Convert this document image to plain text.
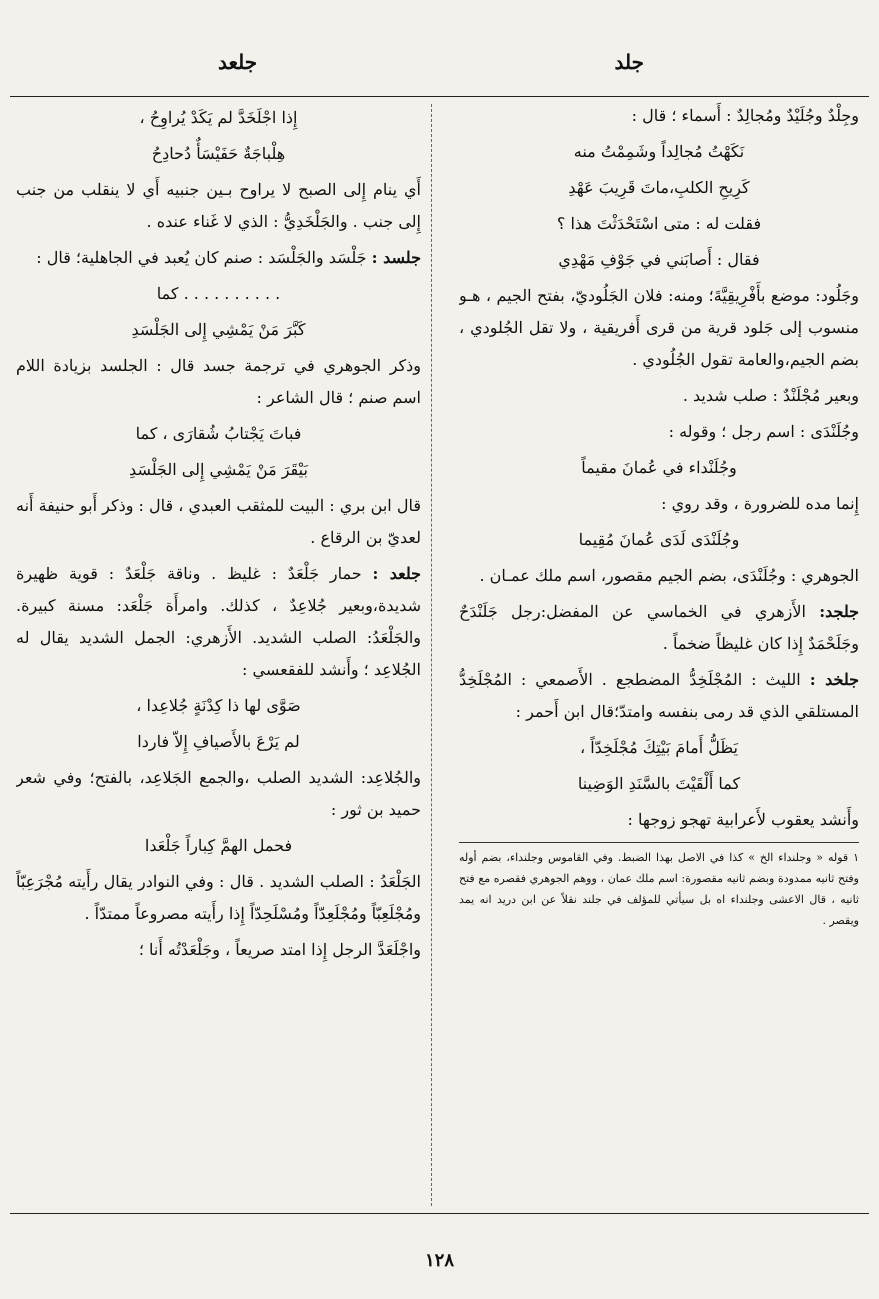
جلد
جلعد

وجِلْدٌ وجُلَيْدٌ ومُجالِدٌ : أَسماء ؛ قال :

نَكَهْتُ مُجالِداً وشَمِمْتُ منه
كَرِيحِ الكلبِ،ماتَ قَرِيبَ عَهْدِ
فقلت له : متى اسْتَحْدَثْتَ هذا ؟
فقال : أَصابَني في جَوْفِ مَهْدِي

وجَلُود: موضع بأَفْرِيقِيَّةَ؛ ومنه: فلان الجَلُوديّ، بفتح الجيم ، هـو منسوب إلى جَلود قرية من قرى أَفريقية ، ولا تقل الجُلودي ، بضم الجيم،والعامة تقول الجُلُودي .

وبعير مُجْلَنْدٌ : صلب شديد .

وجُلَنْدَى : اسم رجل ؛ وقوله :

وجُلَنْداء في عُمانَ مقيماً

إِنما مده للضرورة ، وقد روي :

وجُلَنْدَى لَدَى عُمانَ مُقِيما

الجوهري : وجُلَنْدَى، بضم الجيم مقصور، اسم ملك عمـان .

جلجد: الأَزهري في الخماسي عن المفضل:رجل جَلَنْدَحٌ وجَلَحْمَدٌ إِذا كان غليظاً ضخماً .

جلخد : الليث : المُجْلَخِدُّ المضطجع . الأَصمعي : المُجْلَخِدُّ المستلقي الذي قد رمى بنفسه وامتدّ؛قال ابن أَحمر :

يَظَلُّ أَمامَ بَيْتِكَ مُجْلَخِدّاً ،
كما أَلْقَيْتَ بالسَّنَدِ الوَضِينا

وأَنشد يعقوب لأَعرابية تهجو زوجها :

١ قوله « وجلنداء الخ » كذا في الاصل بهذا الضبط. وفي القاموس وجلنداء، بضم أوله وفتح ثانيه ممدودة وبضم ثانيه مقصورة: اسم ملك عمان ، ووهم الجوهري فقصره مع فتح ثانيه ، قال الاعشى وجلنداء اه بل سيأتي للمؤلف في جلند نقلاً عن ابن دريد انه يمد ويقصر .
إِذا اجْلَخَدَّ لم يَكَدْ يُراوِحُ ،
هِلْباجَةٌ حَفَيْسَأٌ دُحادِحُ

أَي ينام إِلى الصبح لا يراوح بـين جنبيه أَي لا ينقلب من جنب إِلى جنب . والجَلْخَدِيُّ : الذي لا غَناء عنده .

جلسد : جَلْسَد والجَلْسَد : صنم كان يُعبد في الجاهلية؛ قال :

. . . . . . . . . . كما
كَبَّرَ مَنْ يَمْشِي إِلى الجَلْسَدِ

وذكر الجوهري في ترجمة جسد قال : الجلسد بزيادة اللام اسم صنم ؛ قال الشاعر :

فباتَ يَجْتابُ شُقارَى ، كما
بَيْقَرَ مَنْ يَمْشِي إِلى الجَلْسَدِ

قال ابن بري : البيت للمثقب العبدي ، قال : وذكر أَبو حنيفة أَنه لعديّ بن الرقاع .

جلعد : حمار جَلْعَدٌ : غليظ . وناقة جَلْعَدٌ : قوية ظهيرة شديدة،وبعير جُلاعِدٌ ، كذلك. وامرأَة جَلْعَد: مسنة كبيرة. والجَلْعَدُ: الصلب الشديد. الأَزهري: الجمل الشديد يقال له الجُلاعِد ؛ وأَنشد للفقعسي :

صَوَّى لها ذا كِدْنَةٍ جُلاعِدا ،
لم يَرْعَ بالأَصيافِ إِلاّ فاردا

والجُلاعِد: الشديد الصلب ،والجمع الجَلاعِد، بالفتح؛ وفي شعر حميد بن ثور :

فحمل الهمَّ كِباراً جَلْعَدا

الجَلْعَدُ : الصلب الشديد . قال : وفي النوادر يقال رأَيته مُجْرَعِبّاً ومُجْلَعِبّاً ومُجْلَعِدّاً ومُسْلَحِدّاً إِذا رأَيته مصروعاً ممتدّاً .

واجْلَعَدَّ الرجل إِذا امتد صريعاً ، وجَلْعَدْتُه أَنا ؛

١٢٨
